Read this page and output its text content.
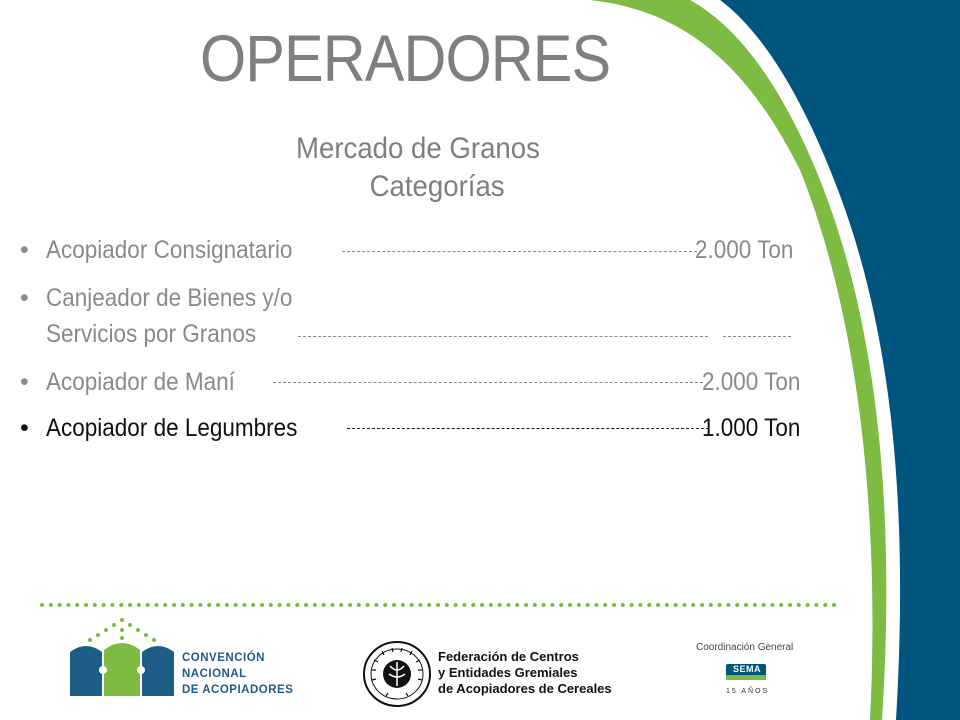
OPERADORES
Mercado de Granos
Categorías
• Acopiador Consignatario	2.000 Ton
• Canjeador de Bienes y/o
Servicios por Granos
• Acopiador de Maní	2.000 Ton
• Acopiador de Legumbres	1.000 Ton
CONVENCIÓN
NACIONAL
DE ACOPIADORES
Federación de Centros
y Entidades Gremiales
de Acopiadores de Cereales
Coordinación General
SEMA
15 AÑOS
